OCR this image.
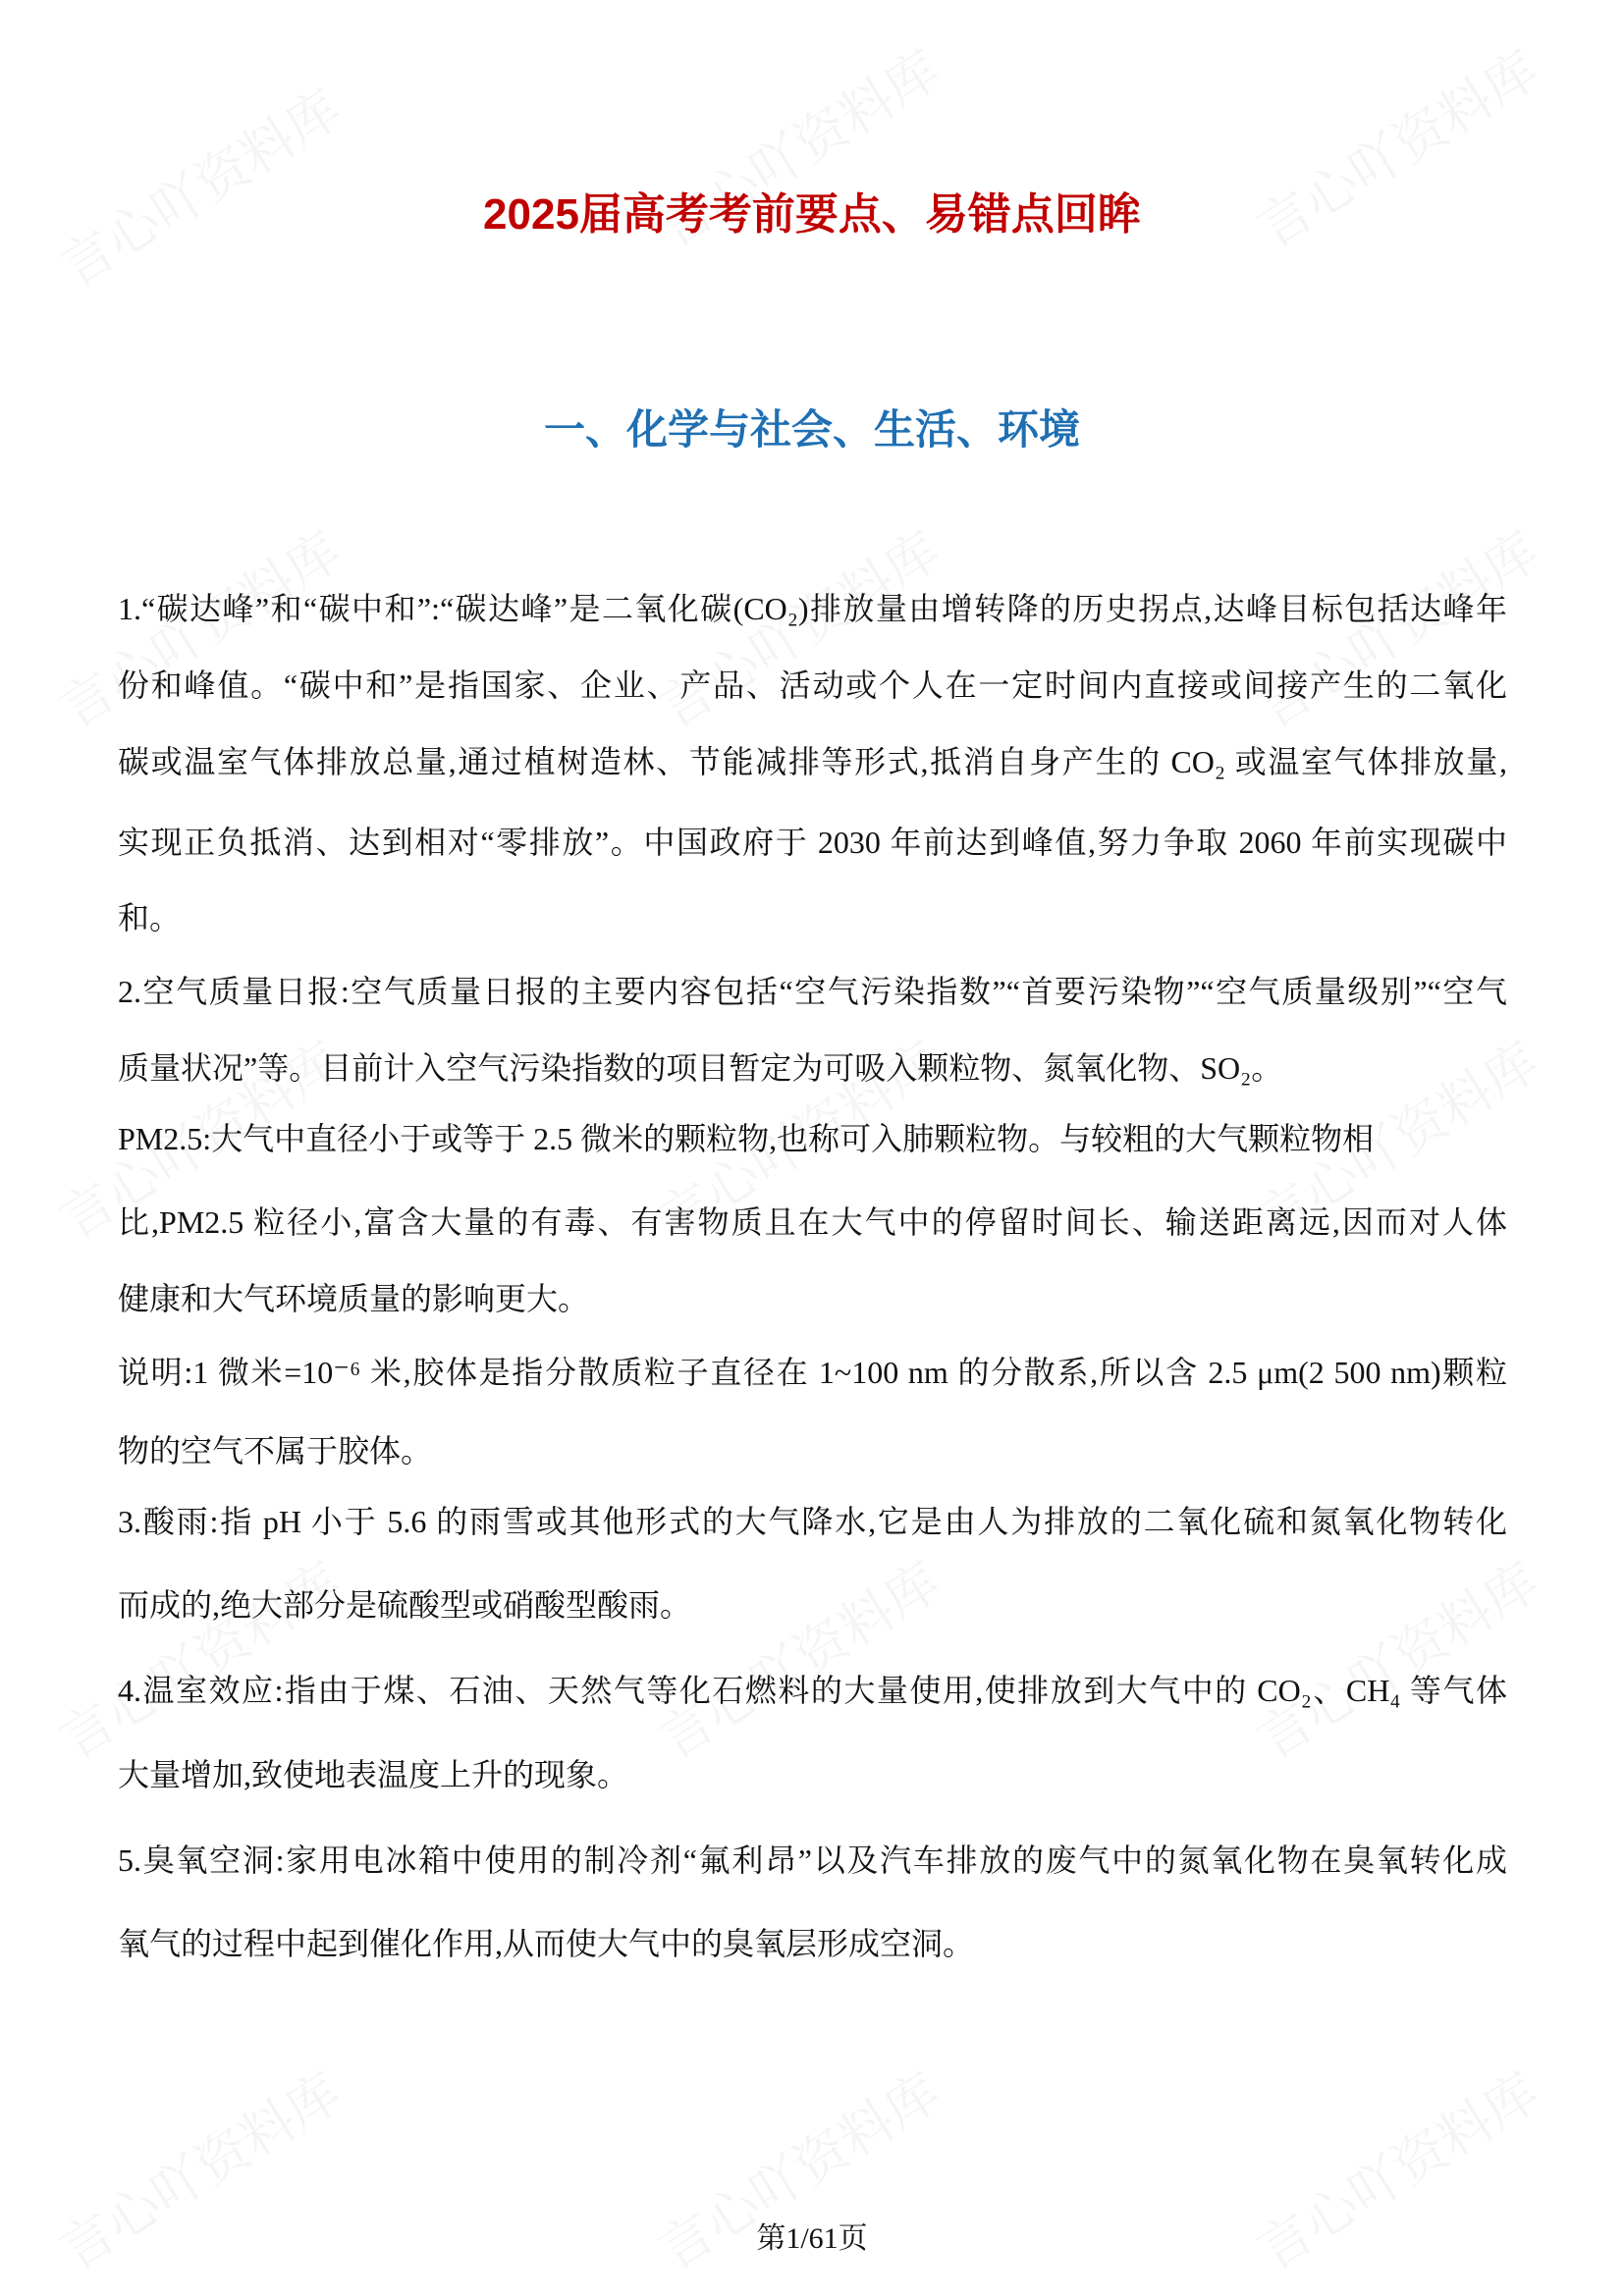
2025届高考考前要点、易错点回眸
一、化学与社会、生活、环境
1.“碳达峰”和“碳中和”:“碳达峰”是二氧化碳(CO₂)排放量由增转降的历史拐点,达峰目标包括达峰年
份和峰值。“碳中和”是指国家、企业、产品、活动或个人在一定时间内直接或间接产生的二氧化
碳或温室气体排放总量,通过植树造林、节能减排等形式,抵消自身产生的 CO₂ 或温室气体排放量,
实现正负抵消、达到相对“零排放”。中国政府于 2030 年前达到峰值,努力争取 2060 年前实现碳中
和。
2.空气质量日报:空气质量日报的主要内容包括“空气污染指数”“首要污染物”“空气质量级别”“空气
质量状况”等。目前计入空气污染指数的项目暂定为可吸入颗粒物、氮氧化物、SO₂。
PM2.5:大气中直径小于或等于 2.5 微米的颗粒物,也称可入肺颗粒物。与较粗的大气颗粒物相
比,PM2.5 粒径小,富含大量的有毒、有害物质且在大气中的停留时间长、输送距离远,因而对人体
健康和大气环境质量的影响更大。
说明:1 微米=10⁻⁶ 米,胶体是指分散质粒子直径在 1~100 nm 的分散系,所以含 2.5 μm(2 500 nm)颗粒
物的空气不属于胶体。
3.酸雨:指 pH 小于 5.6 的雨雪或其他形式的大气降水,它是由人为排放的二氧化硫和氮氧化物转化
而成的,绝大部分是硫酸型或硝酸型酸雨。
4.温室效应:指由于煤、石油、天然气等化石燃料的大量使用,使排放到大气中的 CO₂、CH₄ 等气体
大量增加,致使地表温度上升的现象。
5.臭氧空洞:家用电冰箱中使用的制冷剂“氟利昂”以及汽车排放的废气中的氮氧化物在臭氧转化成
氧气的过程中起到催化作用,从而使大气中的臭氧层形成空洞。
第1/61页
